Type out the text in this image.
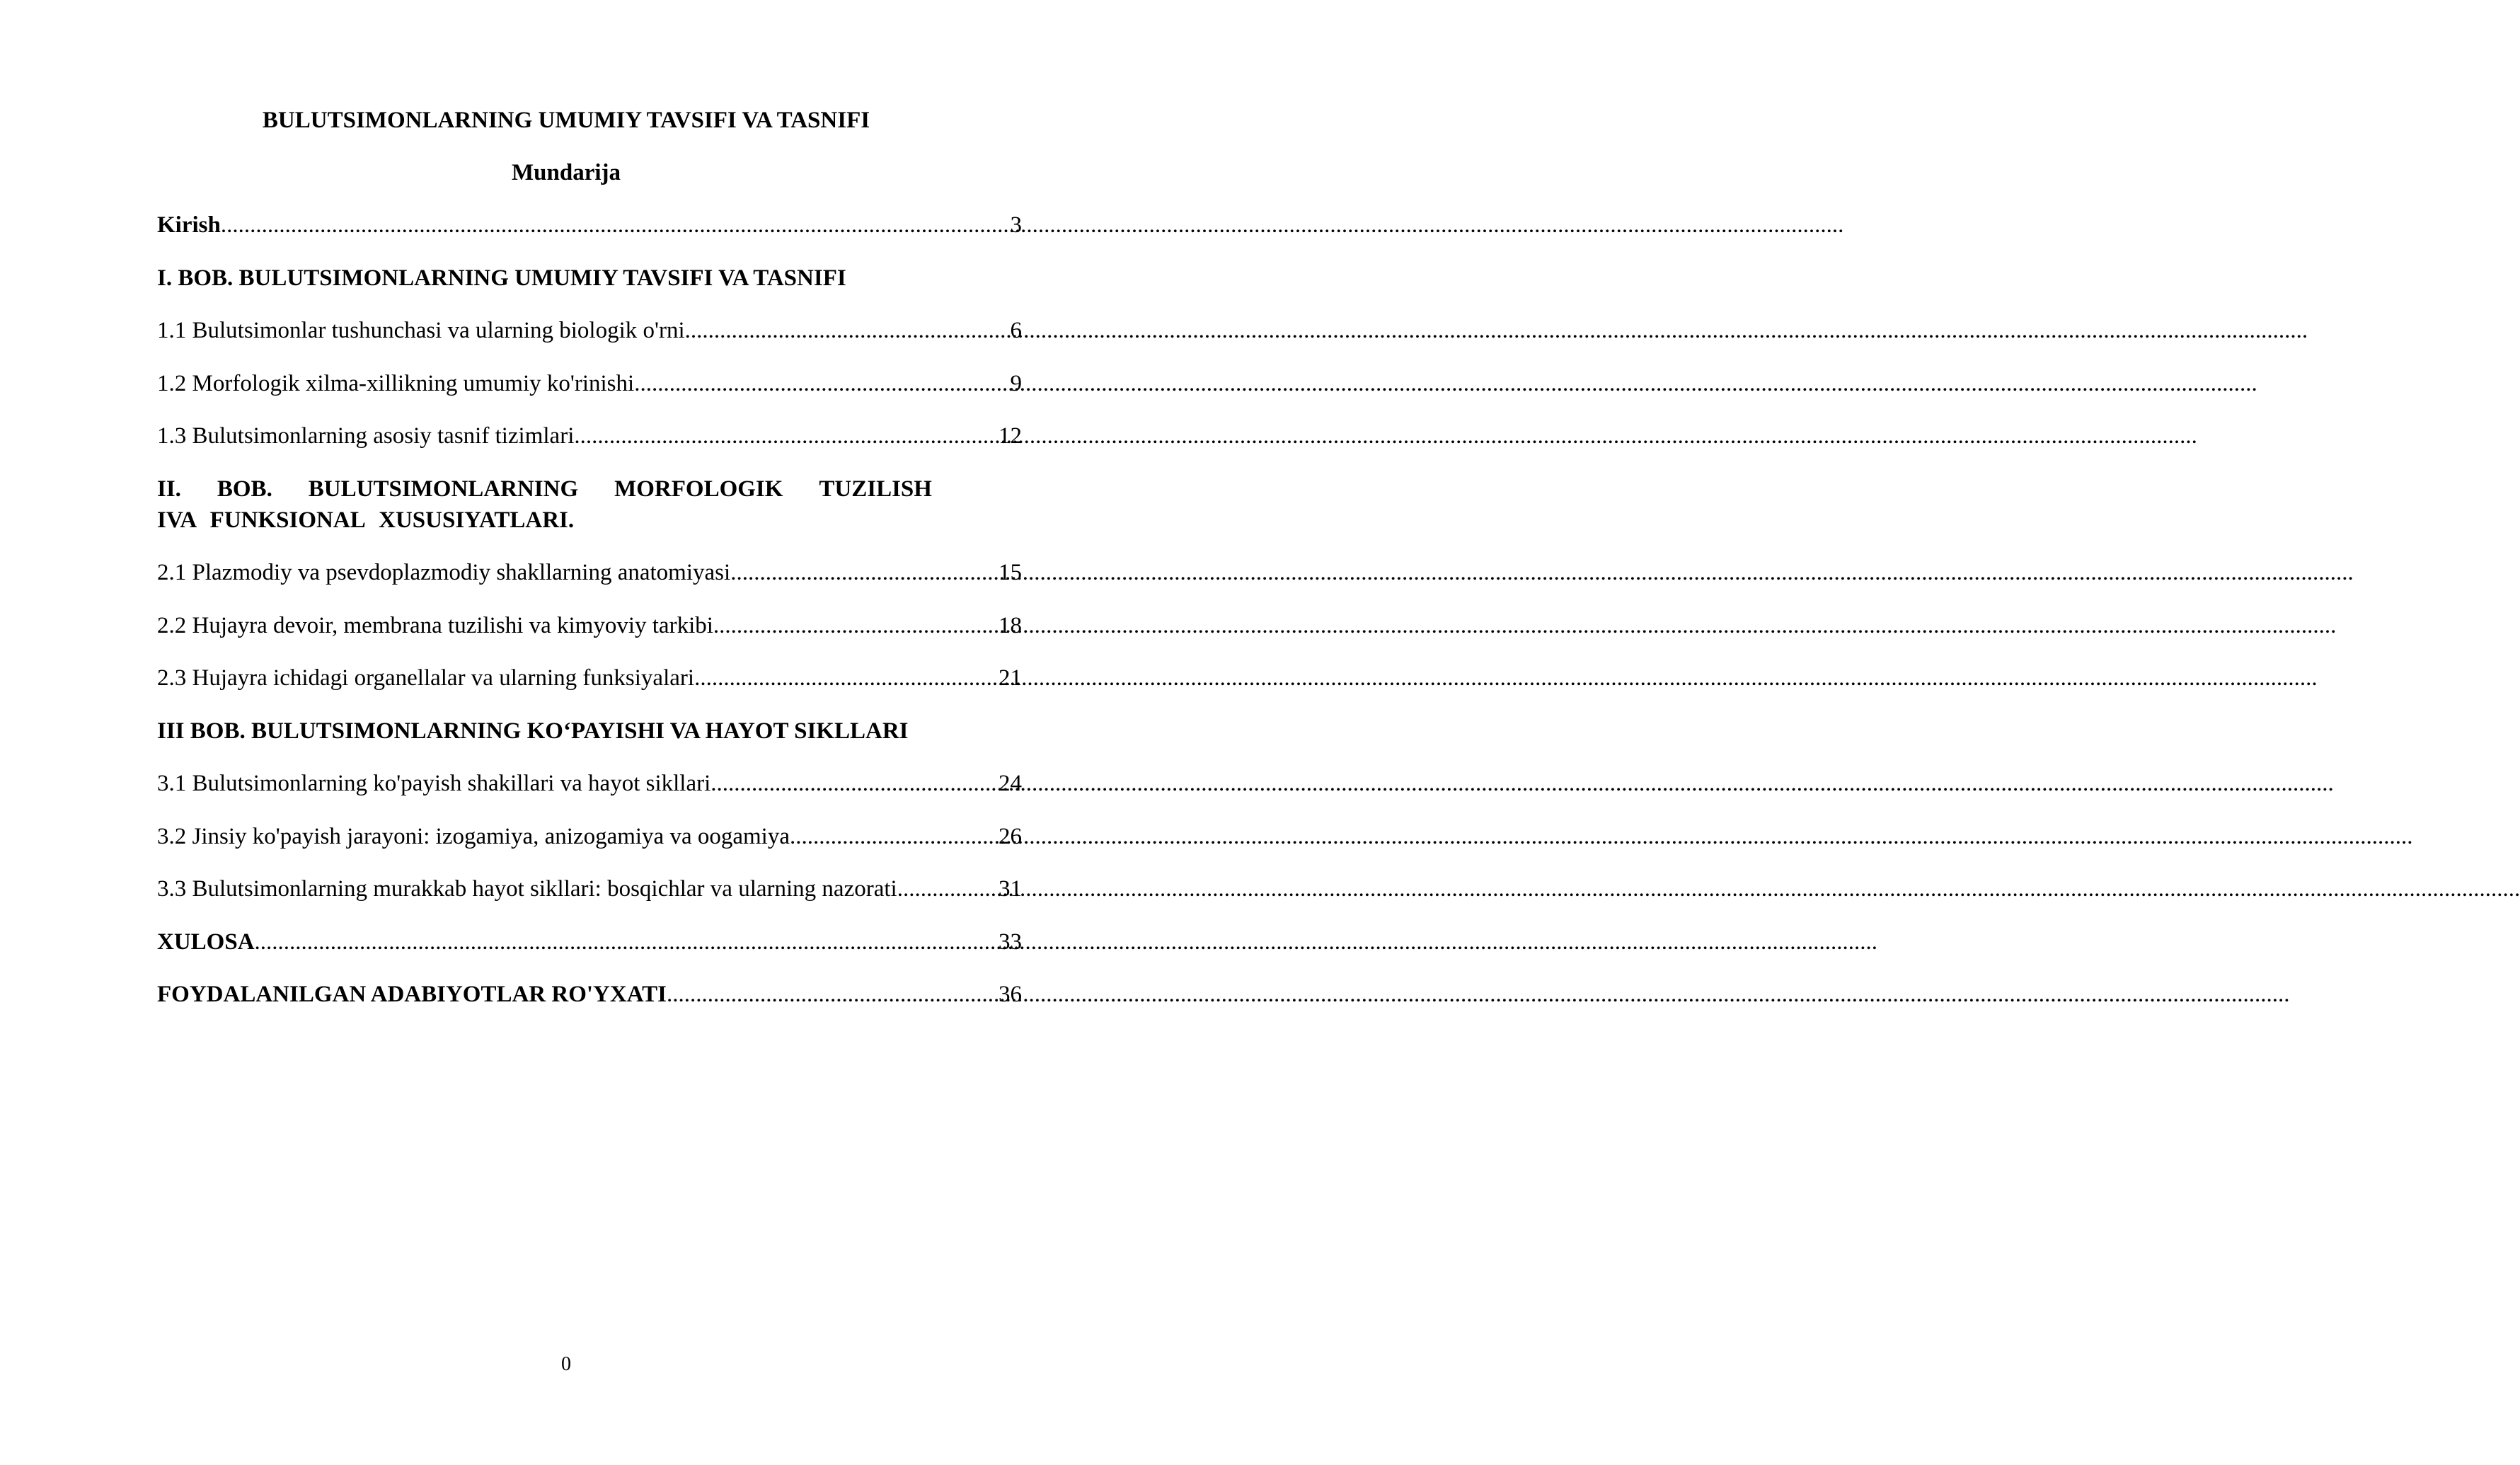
BULUTSIMONLARNING UMUMIY TAVSIFI VA TASNIFI
Mundarija
Kirish .....	3
I. BOB. BULUTSIMONLARNING UMUMIY TAVSIFI VA TASNIFI
1.1 Bulutsimonlar tushunchasi va ularning biologik o'rni .....	6
1.2 Morfologik xilma-xillikning umumiy ko'rinishi .....	9
1.3 Bulutsimonlarning asosiy tasnif tizimlari .....	12
II. BOB. BULUTSIMONLARNING MORFOLOGIK TUZILISH
IVA FUNKSIONAL XUSUSIYATLARI.
2.1 Plazmodiy va psevdoplazmodiy shakllarning anatomiyasi .....	15
2.2 Hujayra devoir, membrana tuzilishi va kimyoviy tarkibi .....	18
2.3 Hujayra ichidagi organellalar va ularning funksiyalari .....	21
III BOB. BULUTSIMONLARNING KO‘PAYISHI VA HAYOT SIKLLARI
3.1 Bulutsimonlarning ko'payish shakillari va hayot sikllari .....	24
3.2 Jinsiy ko'payish jarayoni: izogamiya, anizogamiya va oogamiya .....	26
3.3 Bulutsimonlarning murakkab hayot sikllari: bosqichlar va ularning nazorati .....	31
XULOSA .....	33
FOYDALANILGAN ADABIYOTLAR RO'YXATI .....	36
0
